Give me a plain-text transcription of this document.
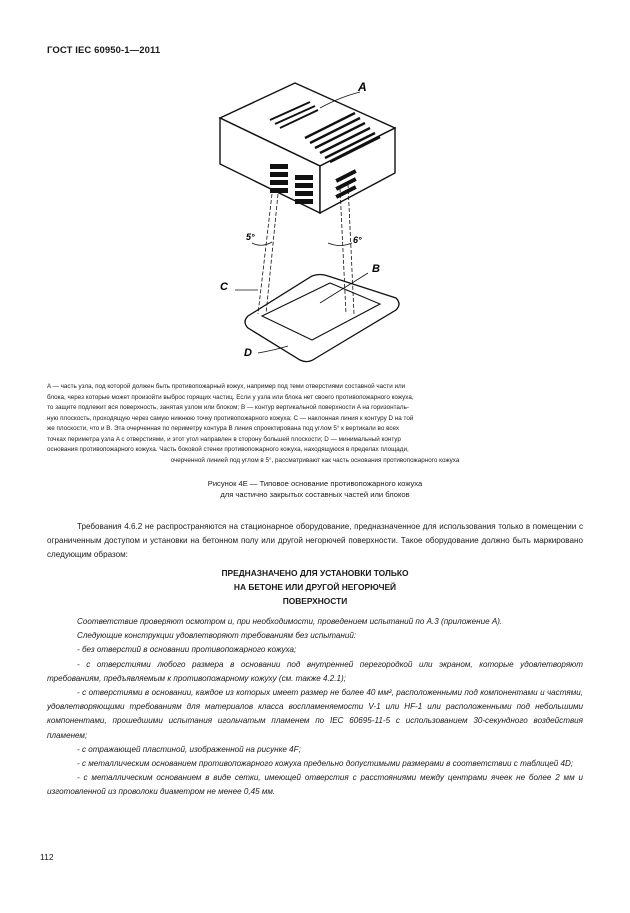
ГОСТ IEC 60950-1—2011
A
5°	6°
B
C
D
A — часть узла, под которой должен быть противопожарный кожух, например под теми отверстиями составной части или
блока, через которые может произойти выброс горящих частиц. Если у узла или блока нет своего противопожарного кожуха,
то защите подлежит вся поверхность, занятая узлом или блоком; B — контур вертикальной поверхности A на горизонталь-
ную плоскость, проходящую через самую нижнюю точку противопожарного кожуха; C — наклонная линия к контуру D на той
же плоскости, что и B. Эта очерченная по периметру контура B линия спроектирована под углом 5° к вертикали во всех
точках периметра узла A с отверстиями, и этот угол направлен в сторону большей плоскости; D — минимальный контур
основания противопожарного кожуха. Часть боковой стенки противопожарного кожуха, находящуюся в пределах площади,
очерченной линией под углом в 5°, рассматривают как часть основания противопожарного кожуха
Рисунок 4E — Типовое основание противопожарного кожуха
для частично закрытых составных частей или блоков
Требования 4.6.2 не распространяются на стационарное оборудование, предназначенное для использования только в помещении с ограниченным доступом и установки на бетонном полу или другой негорючей поверхности. Такое оборудование должно быть маркировано следующим образом:
ПРЕДНАЗНАЧЕНО ДЛЯ УСТАНОВКИ ТОЛЬКО
НА БЕТОНЕ ИЛИ ДРУГОЙ НЕГОРЮЧЕЙ
ПОВЕРХНОСТИ

Соответствие проверяют осмотром и, при необходимости, проведением испытаний по А.3 (приложение А).

Следующие конструкции удовлетворяют требованиям без испытаний:

- без отверстий в основании противопожарного кожуха;

- с отверстиями любого размера в основании под внутренней перегородкой или экраном, которые удовлетворяют требованиям, предъявляемым к противопожарному кожуху (см. также 4.2.1);

- с отверстиями в основании, каждое из которых имеет размер не более 40 мм², расположенными под компонентами и частями, удовлетворяющими требованиям для материалов класса воспламеняемости V-1 или HF-1 или расположенными под небольшими компонентами, прошедшими испытания игольчатым пламенем по IEC 60695-11-5 с использованием 30-секундного воздействия пламенем;

- с отражающей пластиной, изображенной на рисунке 4F;

- с металлическим основанием противопожарного кожуха предельно допустимыми размерами в соответствии с таблицей 4D;

- с металлическим основанием в виде сетки, имеющей отверстия с расстояниями между центрами ячеек не более 2 мм и изготовленной из проволоки диаметром не менее 0,45 мм.

112
